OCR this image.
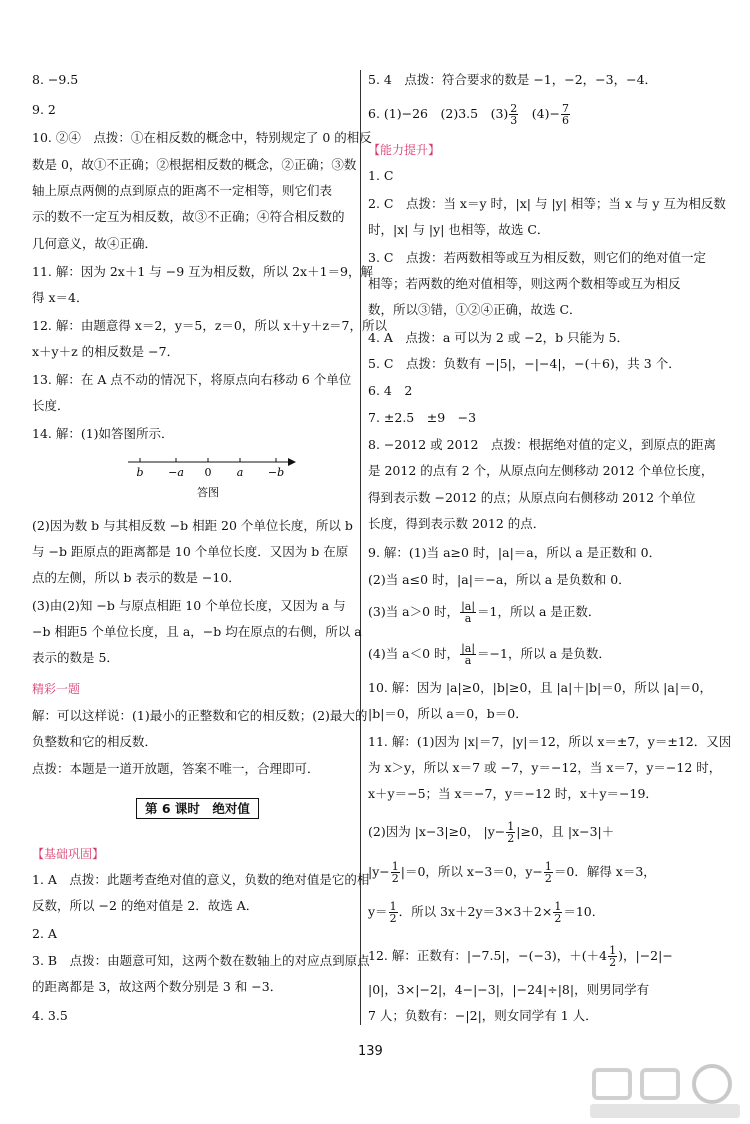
8. −9.5
9. 2
10. ②④　点拨：①在相反数的概念中，特别规定了 0 的相反
数是 0，故①不正确；②根据相反数的概念，②正确；③数
轴上原点两侧的点到原点的距离不一定相等，则它们表
示的数不一定互为相反数，故③不正确；④符合相反数的
几何意义，故④正确．
11. 解：因为 2x＋1 与 −9 互为相反数，所以 2x＋1＝9，解
得 x＝4．
12. 解：由题意得 x＝2，y＝5，z＝0，所以 x＋y＋z＝7，所以
x＋y＋z 的相反数是 −7．
13. 解：在 A 点不动的情况下，将原点向右移动 6 个单位
长度．
14. 解：(1)如答图所示．
(2)因为数 b 与其相反数 −b 相距 20 个单位长度，所以 b
与 −b 距原点的距离都是 10 个单位长度．又因为 b 在原
点的左侧，所以 b 表示的数是 −10．
(3)由(2)知 −b 与原点相距 10 个单位长度，又因为 a 与
−b 相距5 个单位长度，且 a，−b 均在原点的右侧，所以 a
表示的数是 5．
精彩一题
解：可以这样说：(1)最小的正整数和它的相反数；(2)最大的
负整数和它的相反数．
点拨：本题是一道开放题，答案不唯一，合理即可．
第 6 课时　绝对值
【基础巩固】
1. A　点拨：此题考查绝对值的意义，负数的绝对值是它的相
反数，所以 −2 的绝对值是 2．故选 A．
2. A
3. B　点拨：由题意可知，这两个数在数轴上的对应点到原点
的距离都是 3，故这两个数分别是 3 和 −3．
4. 3.5
b −a 0 a −b
答图
5. 4　点拨：符合要求的数是 −1，−2，−3，−4．
6. (1)−26　(2)3.5　$(3) \frac{2}{3}$ 　$(4)- \frac{7}{6}$
【能力提升】
1. C
2. C　点拨：当 x＝y 时，|x| 与 |y| 相等；当 x 与 y 互为相反数
时，|x| 与 |y| 也相等，故选 C．
3. C　点拨：若两数相等或互为相反数，则它们的绝对值一定
相等；若两数的绝对值相等，则这两个数相等或互为相反
数，所以③错，①②④正确，故选 C．
4. A　点拨：a 可以为 2 或 −2，b 只能为 5．
5. C　点拨：负数有 −|5|，−|−4|，−(＋6)，共 3 个．
6. 4　2
7. ±2.5　±9　−3
8. −2012 或 2012　点拨：根据绝对值的定义，到原点的距离
是 2012 的点有 2 个，从原点向左侧移动 2012 个单位长度，
得到表示数 −2012 的点；从原点向右侧移动 2012 个单位
长度，得到表示数 2012 的点．
9. 解：(1)当 a≥0 时，|a|＝a，所以 a 是正数和 0．
(2)当 a≤0 时，|a|＝−a，所以 a 是负数和 0．
(3)当 a＞0 时， $\frac{|a|}{a} =1$，所以 a 是正数．
(4)当 a＜0 时， $\frac{|a|}{a} =-1$，所以 a 是负数．
10. 解：因为 |a|≥0，|b|≥0，且 |a|＋|b|＝0，所以 |a|＝0，
|b|＝0，所以 a＝0，b＝0．
11. 解：(1)因为 |x|＝7，|y|＝12，所以 x＝±7，y＝±12．又因
为 x＞y，所以 x＝7 或 −7，y＝−12，当 x＝7，y＝−12 时，
x＋y＝−5；当 x＝−7，y＝−12 时，x＋y＝−19．
(2)因为 |x−3|≥0， $|y- \frac{1}{2} |\ge 0$，且 |x−3|＋
$|y- \frac{1}{2} |=0$，所以 x−3＝0，$y- \frac{1}{2} =0$．解得 x＝3，
$y= \frac{1}{2}$ ．所以 $3x+2y=3\times 3+2\times \frac{1}{2} =10$．
12. 解：正数有：|−7.5|，−(−3)，$+(+4 \frac{1}{2}$ )，|−2|−
|0|，3×|−2|，4−|−3|，|−24|÷|8|，则男同学有
7 人；负数有：−|2|，则女同学有 1 人．
139
